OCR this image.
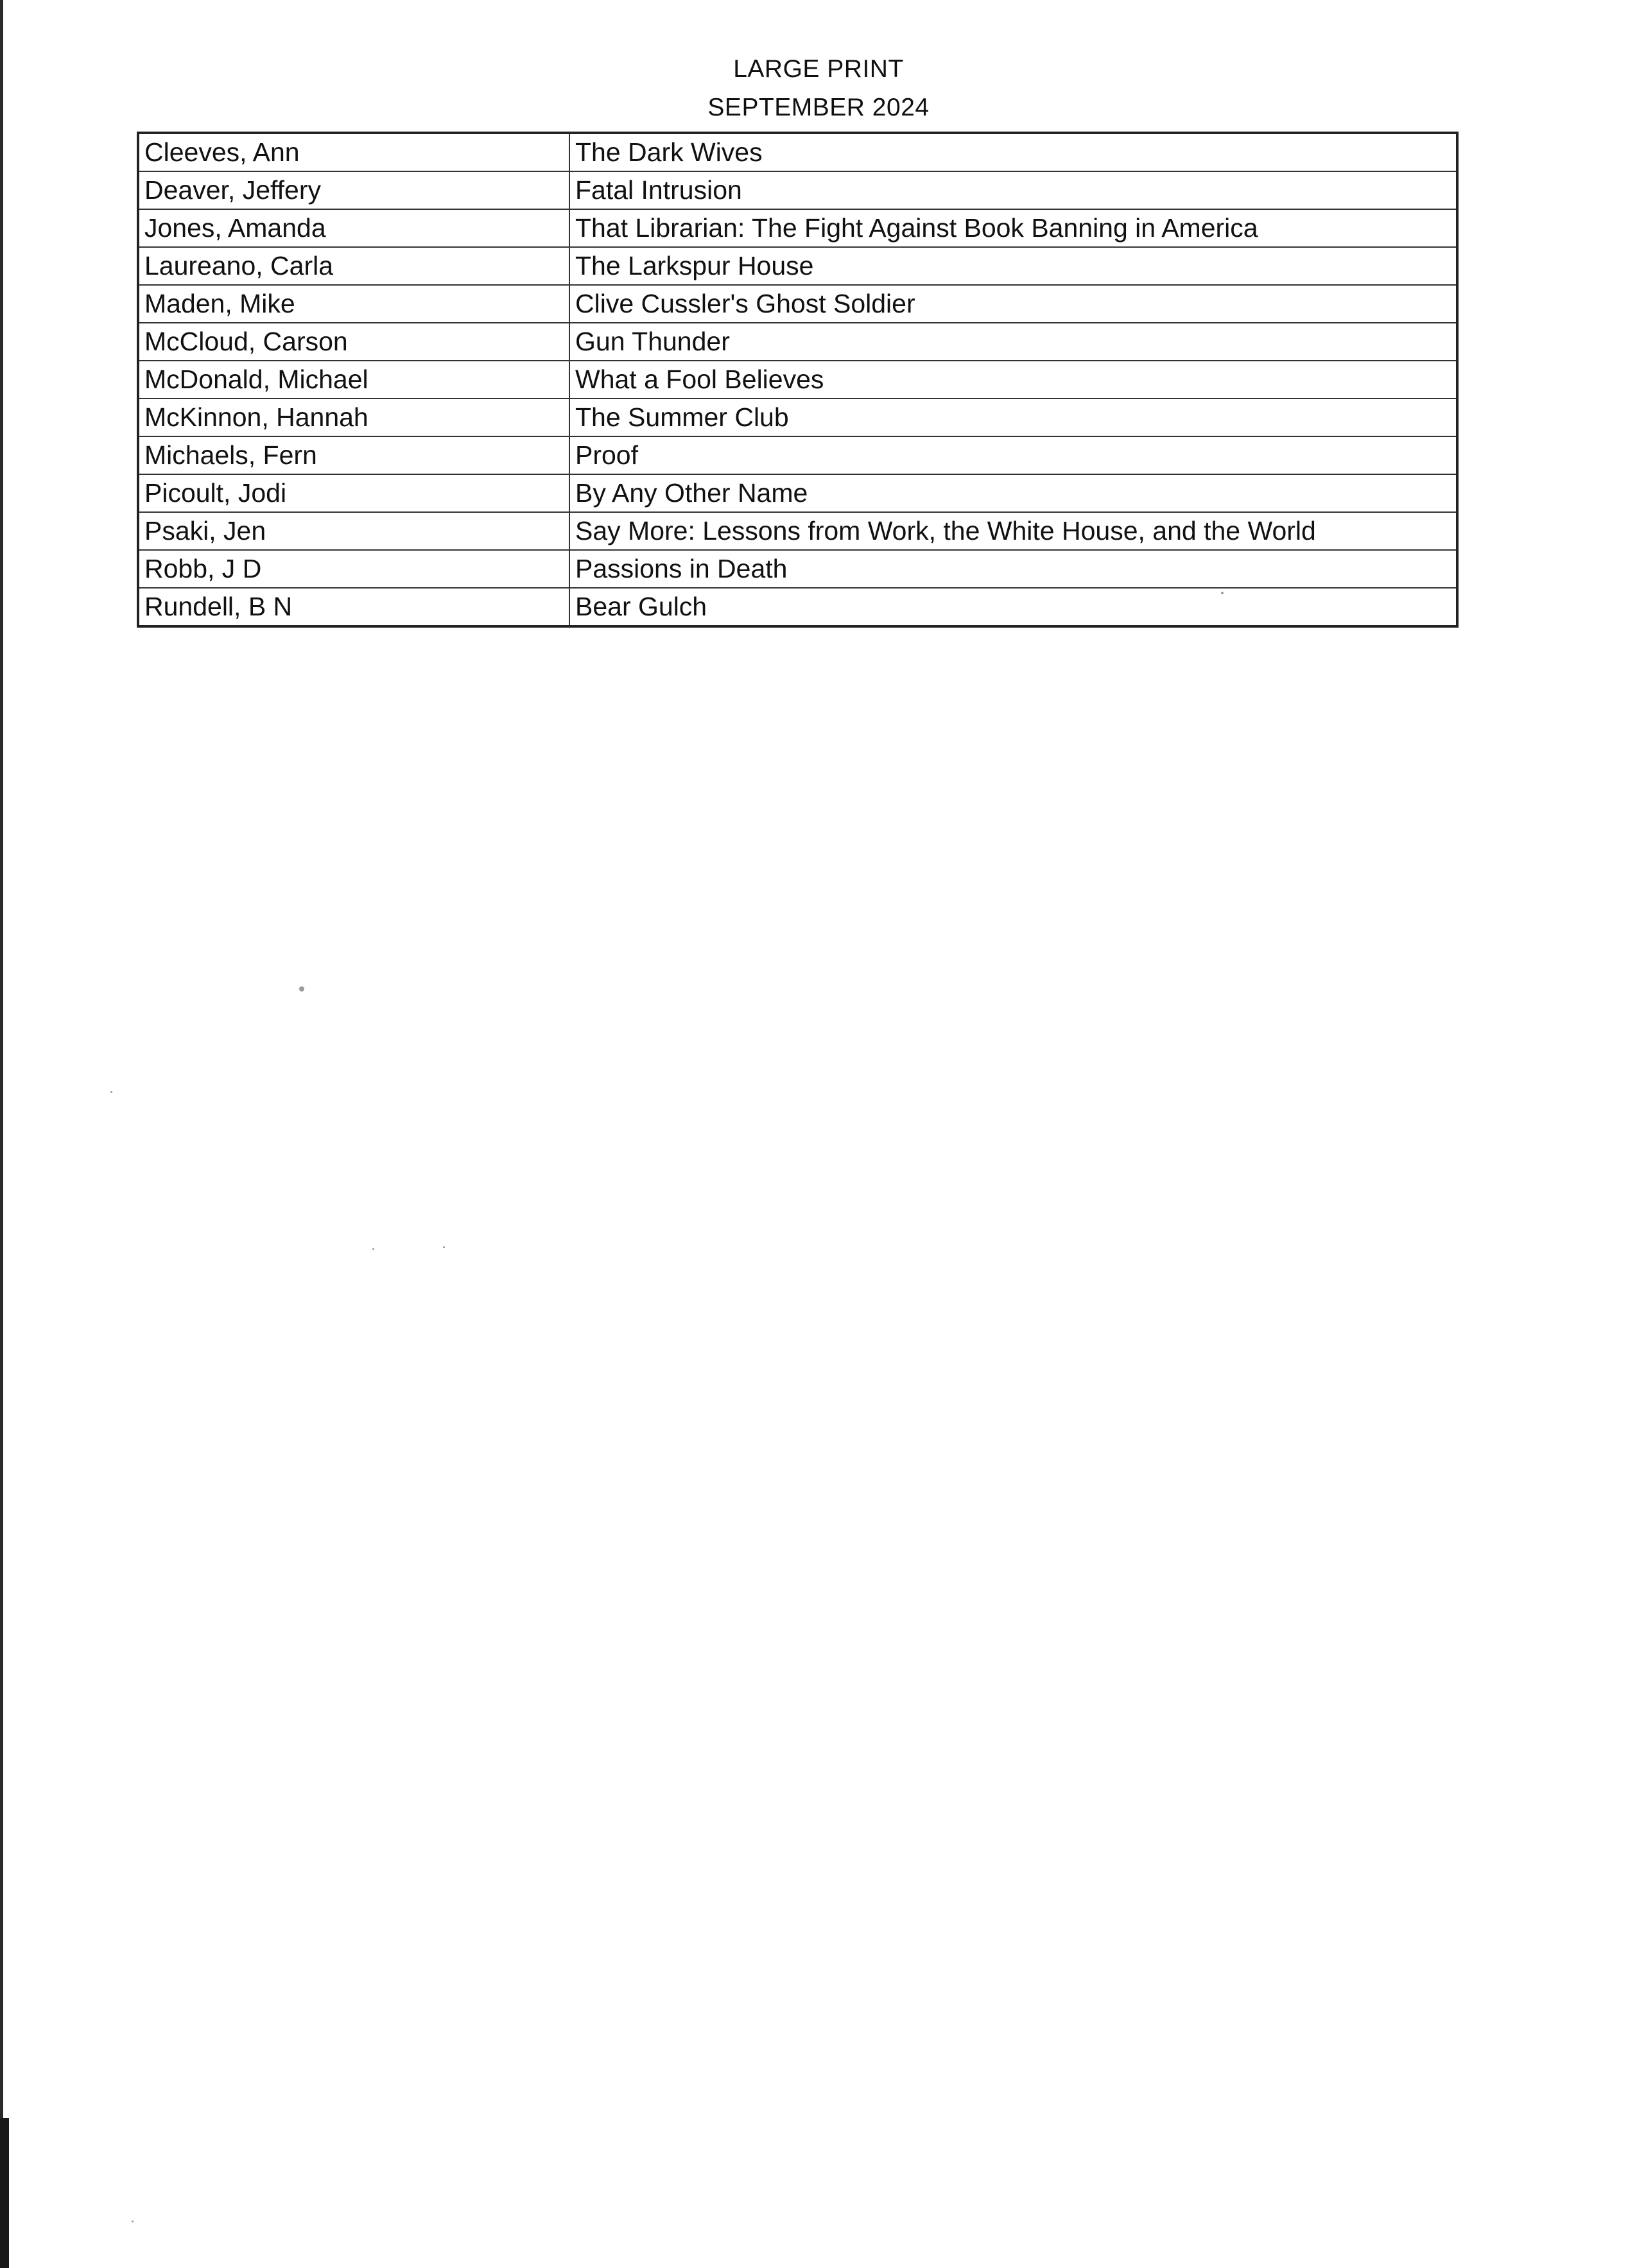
LARGE PRINT
SEPTEMBER 2024
Cleeves, Ann	The Dark Wives
Deaver, Jeffery	Fatal Intrusion
Jones, Amanda	That Librarian: The Fight Against Book Banning in America
Laureano, Carla	The Larkspur House
Maden, Mike	Clive Cussler's Ghost Soldier
McCloud, Carson	Gun Thunder
McDonald, Michael	What a Fool Believes
McKinnon, Hannah	The Summer Club
Michaels, Fern	Proof
Picoult, Jodi	By Any Other Name
Psaki, Jen	Say More: Lessons from Work, the White House, and the World
Robb, J D	Passions in Death
Rundell, B N	Bear Gulch
